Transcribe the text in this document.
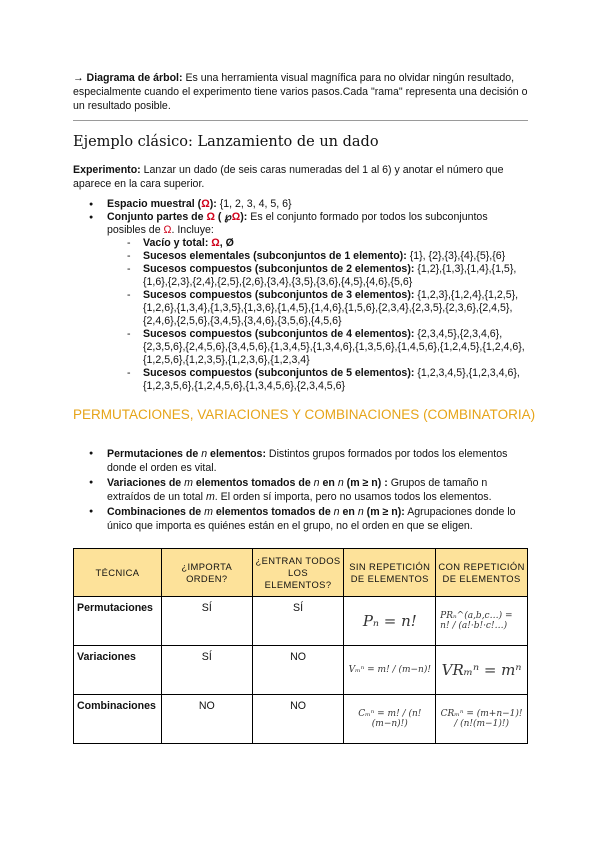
→ Diagrama de árbol: Es una herramienta visual magnífica para no olvidar ningún resultado, especialmente cuando el experimento tiene varios pasos.Cada "rama" representa una decisión o un resultado posible.
Ejemplo clásico: Lanzamiento de un dado
Experimento: Lanzar un dado (de seis caras numeradas del 1 al 6) y anotar el número que aparece en la cara superior.
● Espacio muestral (Ω): {1, 2, 3, 4, 5, 6}
● Conjunto partes de Ω ( ℘Ω): Es el conjunto formado por todos los subconjuntos posibles de Ω. Incluye:
- Vacío y total: Ω, Ø
- Sucesos elementales (subconjuntos de 1 elemento): {1}, {2},{3},{4},{5},{6}
- Sucesos compuestos (subconjuntos de 2 elementos): {1,2},{1,3},{1,4},{1,5},{1,6},{2,3},{2,4},{2,5},{2,6},{3,4},{3,5},{3,6},{4,5},{4,6},{5,6}
- Sucesos compuestos (subconjuntos de 3 elementos): {1,2,3},{1,2,4},{1,2,5},{1,2,6},{1,3,4},{1,3,5},{1,3,6},{1,4,5},{1,4,6},{1,5,6},{2,3,4},{2,3,5},{2,3,6},{2,4,5},{2,4,6},{2,5,6},{3,4,5},{3,4,6},{3,5,6},{4,5,6}
- Sucesos compuestos (subconjuntos de 4 elementos): {2,3,4,5},{2,3,4,6},{2,3,5,6},{2,4,5,6},{3,4,5,6},{1,3,4,5},{1,3,4,6},{1,3,5,6},{1,4,5,6},{1,2,4,5},{1,2,4,6},{1,2,5,6},{1,2,3,5},{1,2,3,6},{1,2,3,4}
- Sucesos compuestos (subconjuntos de 5 elementos): {1,2,3,4,5},{1,2,3,4,6},{1,2,3,5,6},{1,2,4,5,6},{1,3,4,5,6},{2,3,4,5,6}
PERMUTACIONES, VARIACIONES Y COMBINACIONES (COMBINATORIA)
● Permutaciones de n elementos: Distintos grupos formados por todos los elementos donde el orden es vital.
● Variaciones de m elementos tomados de n en n (m ≥ n) : Grupos de tamaño n extraídos de un total m. El orden sí importa, pero no usamos todos los elementos.
● Combinaciones de m elementos tomados de n en n (m ≥ n): Agrupaciones donde lo único que importa es quiénes están en el grupo, no el orden en que se eligen.
TÉCNICA	¿IMPORTA ORDEN?	¿ENTRAN TODOS LOS ELEMENTOS?	SIN REPETICIÓN DE ELEMENTOS	CON REPETICIÓN DE ELEMENTOS
Permutaciones	SÍ	SÍ	Pₙ = n!	PRₙ^(a,b,c…) = n! / (a!·b!·c!…)
Variaciones	SÍ	NO	Vₘⁿ = m! / (m−n)!	VRₘⁿ = mⁿ
Combinaciones	NO	NO	Cₘⁿ = m! / (n!(m−n)!)	CRₘⁿ = (m+n−1)! / (n!(m−1)!)
